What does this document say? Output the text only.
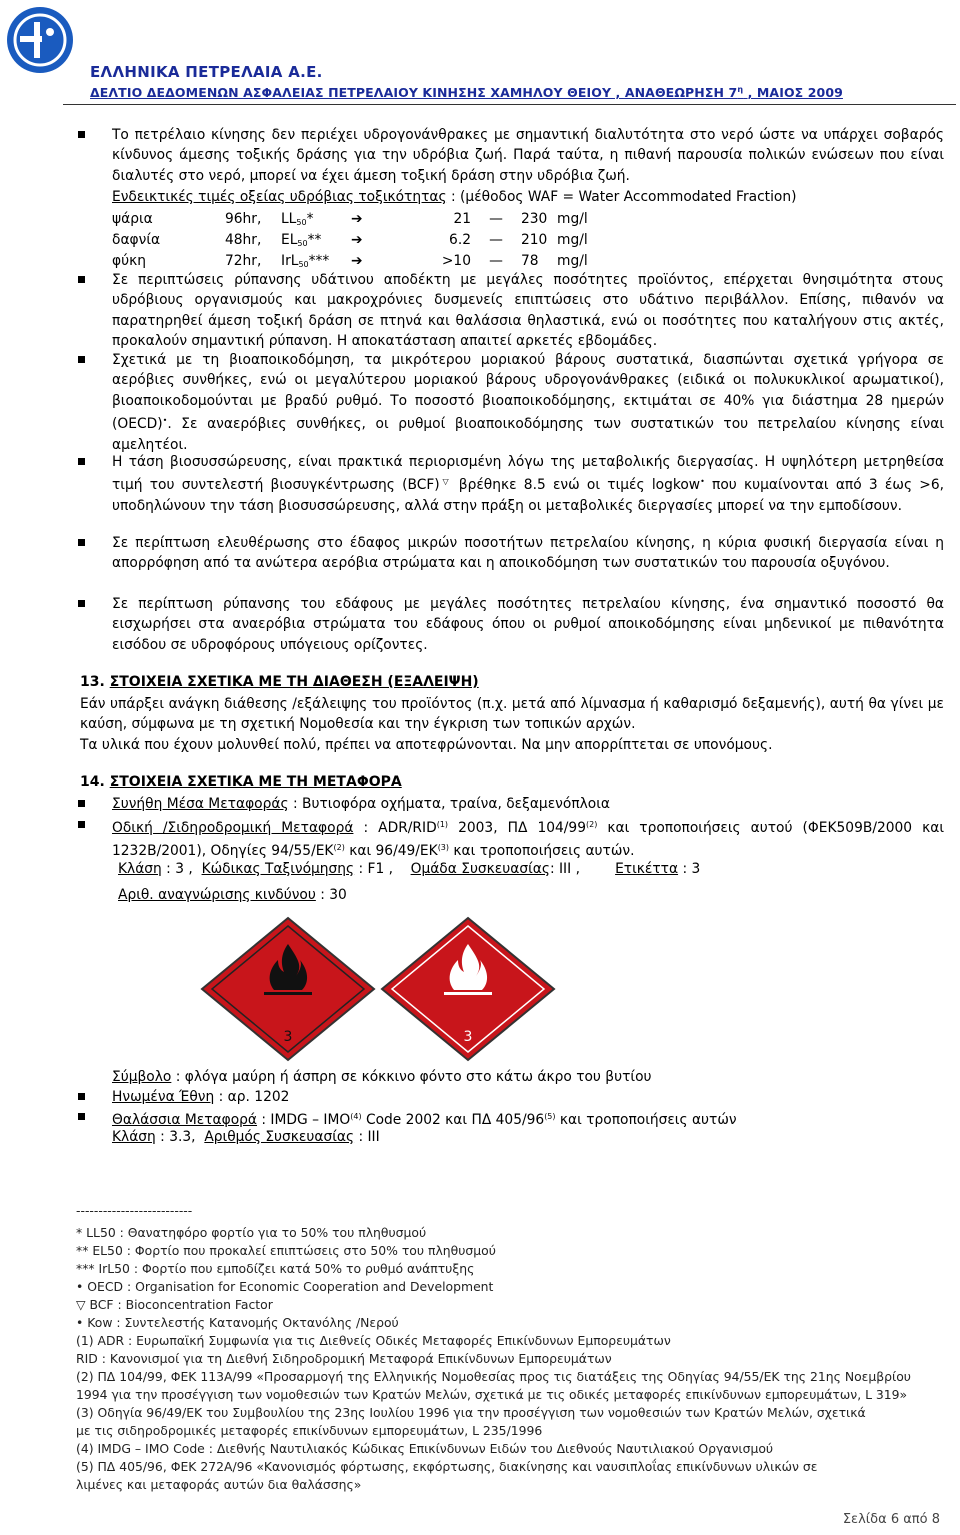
ΕΛΛΗΝΙΚΑ ΠΕΤΡΕΛΑΙΑ Α.Ε.
ΔΕΛΤΙΟ ΔΕΔΟΜΕΝΩΝ ΑΣΦΑΛΕΙΑΣ ΠΕΤΡΕΛΑΙΟΥ ΚΙΝΗΣΗΣ ΧΑΜΗΛΟΥ ΘΕΙΟΥ , ΑΝΑΘΕΩΡΗΣΗ $7^\eta$ , ΜΑΙΟΣ 2009
Το πετρέλαιο κίνησης δεν περιέχει υδρογονάνθρακες με σημαντική διαλυτότητα στο νερό ώστε να υπάρχει σοβαρός κίνδυνος άμεσης τοξικής δράσης για την υδρόβια ζωή. Παρά ταύτα, η πιθανή παρουσία πολικών ενώσεων που είναι διαλυτές στο νερό, μπορεί να έχει άμεση τοξική δράση στην υδρόβια ζωή.
Ενδεικτικές τιμές οξείας υδρόβιας τοξικότητας : (μέθοδος WAF = Water Accommodated Fraction)
ψάρια	96hr,	$LL_{50}*$	➔	21	—	230	mg/l
δαφνία	48hr,	$EL_{50}**$	➔	6.2	—	210	mg/l
φύκη	72hr,	IrL$_{50}$***	➔	>10	—	78	mg/l
Σε περιπτώσεις ρύπανσης υδάτινου αποδέκτη με μεγάλες ποσότητες προϊόντος, επέρχεται θνησιμότητα στους υδρόβιους οργανισμούς και μακροχρόνιες δυσμενείς επιπτώσεις στο υδάτινο περιβάλλον. Επίσης, πιθανόν να παρατηρηθεί άμεση τοξική δράση σε πτηνά και θαλάσσια θηλαστικά, ενώ οι ποσότητες που καταλήγουν στις ακτές, προκαλούν σημαντική ρύπανση. Η αποκατάσταση απαιτεί αρκετές εβδομάδες.
Σχετικά με τη βιοαποικοδόμηση, τα μικρότερου μοριακού βάρους συστατικά, διασπώνται σχετικά γρήγορα σε αερόβιες συνθήκες, ενώ οι μεγαλύτερου μοριακού βάρους υδρογονάνθρακες (ειδικά οι πολυκυκλικοί αρωματικοί), βιοαποικοδομούνται με βραδύ ρυθμό. Το ποσοστό βιοαποικοδόμησης, εκτιμάται σε 40% για διάστημα 28 ημερών (OECD)•. Σε αναερόβιες συνθήκες, οι ρυθμοί βιοαποικοδόμησης των συστατικών του πετρελαίου κίνησης είναι αμελητέοι.
Η τάση βιοσυσσώρευσης, είναι πρακτικά περιορισμένη λόγω της μεταβολικής διεργασίας. Η υψηλότερη μετρηθείσα τιμή του συντελεστή βιοσυγκέντρωσης (BCF)▽ βρέθηκε 8.5 ενώ οι τιμές logkow• που κυμαίνονται από 3 έως >6, υποδηλώνουν την τάση βιοσυσσώρευσης, αλλά στην πράξη οι μεταβολικές διεργασίες μπορεί να την εμποδίσουν.
Σε περίπτωση ελευθέρωσης στο έδαφος μικρών ποσοτήτων πετρελαίου κίνησης, η κύρια φυσική διεργασία είναι η απορρόφηση από τα ανώτερα αερόβια στρώματα και η αποικοδόμηση των συστατικών του παρουσία οξυγόνου.
Σε περίπτωση ρύπανσης του εδάφους με μεγάλες ποσότητες πετρελαίου κίνησης, ένα σημαντικό ποσοστό θα εισχωρήσει στα αναερόβια στρώματα του εδάφους όπου οι ρυθμοί αποικοδόμησης είναι μηδενικοί με πιθανότητα εισόδου σε υδροφόρους υπόγειους ορίζοντες.
13. ΣΤΟΙΧΕΙΑ ΣΧΕΤΙΚΑ ΜΕ ΤΗ ΔΙΑΘΕΣΗ (ΕΞΑΛΕΙΨΗ)
Εάν υπάρξει ανάγκη διάθεσης /εξάλειψης του προϊόντος (π.χ. μετά από λίμνασμα ή καθαρισμό δεξαμενής), αυτή θα γίνει με καύση, σύμφωνα με τη σχετική Νομοθεσία και την έγκριση των τοπικών αρχών.
Τα υλικά που έχουν μολυνθεί πολύ, πρέπει να αποτεφρώνονται. Να μην απορρίπτεται σε υπονόμους.
14. ΣΤΟΙΧΕΙΑ ΣΧΕΤΙΚΑ ΜΕ ΤΗ ΜΕΤΑΦΟΡΑ
Συνήθη Μέσα Μεταφοράς : Βυτιοφόρα οχήματα, τραίνα, δεξαμενόπλοια
Οδική /Σιδηροδρομική Μεταφορά : ADR/RID$^{(1)}$ 2003, ΠΔ 104/99$^{(2)}$ και τροποποιήσεις αυτού (ΦΕΚ509Β/2000 και 1232Β/2001), Οδηγίες 94/55/ΕΚ$^{(2)}$ και 96/49/ΕΚ$^{(3)}$ και τροποποιήσεις αυτών.
Κλάση : 3 , Κώδικας Ταξινόμησης : F1 , Ομάδα Συσκευασίας: III ,	Ετικέττα : 3
Αριθ. αναγνώρισης κινδύνου : 30
3	3
Σύμβολο : φλόγα μαύρη ή άσπρη σε κόκκινο φόντο στο κάτω άκρο του βυτίου
Ηνωμένα Έθνη : αρ. 1202
Θαλάσσια Μεταφορά : IMDG – IMO$^{(4)}$ Code 2002 και ΠΔ 405/96$^{(5)}$ και τροποποιήσεις αυτών
Κλάση : 3.3, Αριθμός Συσκευασίας : III
--------------------------
* LL50 : Θανατηφόρο φορτίο για το 50% του πληθυσμού
** EL50 : Φορτίο που προκαλεί επιπτώσεις στο 50% του πληθυσμού
*** IrL50 : Φορτίο που εμποδίζει κατά 50% το ρυθμό ανάπτυξης
• OECD : Organisation for Economic Cooperation and Development
▽ BCF : Bioconcentration Factor
• Kow : Συντελεστής Κατανομής Οκτανόλης /Νερού
(1) ADR : Ευρωπαϊκή Συμφωνία για τις Διεθνείς Οδικές Μεταφορές Επικίνδυνων Εμπορευμάτων
RID : Κανονισμοί για τη Διεθνή Σιδηροδρομική Μεταφορά Επικίνδυνων Εμπορευμάτων
(2) ΠΔ 104/99, ΦΕΚ 113Α/99 «Προσαρμογή της Ελληνικής Νομοθεσίας προς τις διατάξεις της Οδηγίας 94/55/ΕΚ της 21ης Νοεμβρίου
1994 για την προσέγγιση των νομοθεσιών των Κρατών Μελών, σχετικά με τις οδικές μεταφορές επικίνδυνων εμπορευμάτων, L 319»
(3) Οδηγία 96/49/ΕΚ του Συμβουλίου της 23ης Ιουλίου 1996 για την προσέγγιση των νομοθεσιών των Κρατών Μελών, σχετικά
με τις σιδηροδρομικές μεταφορές επικίνδυνων εμπορευμάτων, L 235/1996
(4) IMDG – IMO Code : Διεθνής Ναυτιλιακός Κώδικας Επικίνδυνων Ειδών του Διεθνούς Ναυτιλιακού Οργανισμού
(5) ΠΔ 405/96, ΦΕΚ 272Α/96 «Κανονισμός φόρτωσης, εκφόρτωσης, διακίνησης και ναυσιπλοΐας επικίνδυνων υλικών σε
λιμένες και μεταφοράς αυτών δια θαλάσσης»
Σελίδα 6 από 8
